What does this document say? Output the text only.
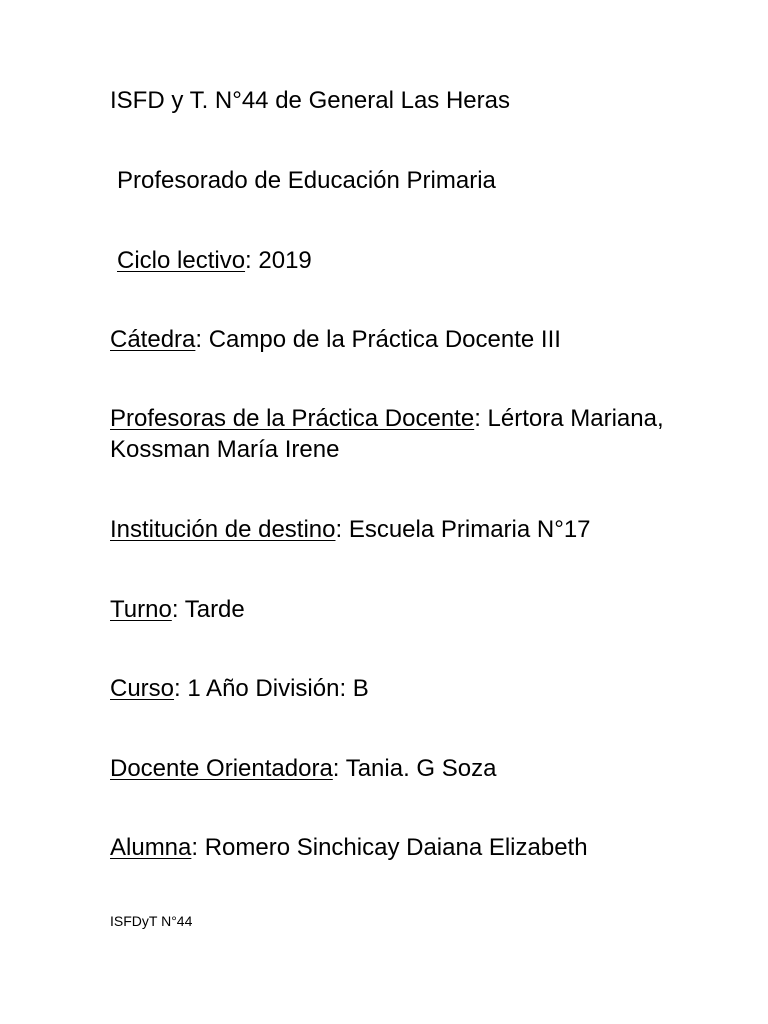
ISFD y T. N°44 de General Las Heras
Profesorado de Educación Primaria
Ciclo lectivo: 2019
Cátedra: Campo de la Práctica Docente III
Profesoras de la Práctica Docente: Lértora Mariana, Kossman María Irene
Institución de destino: Escuela Primaria N°17
Turno: Tarde
Curso: 1 Año División: B
Docente Orientadora: Tania. G Soza
Alumna: Romero Sinchicay Daiana Elizabeth
ISFDyT N°44
